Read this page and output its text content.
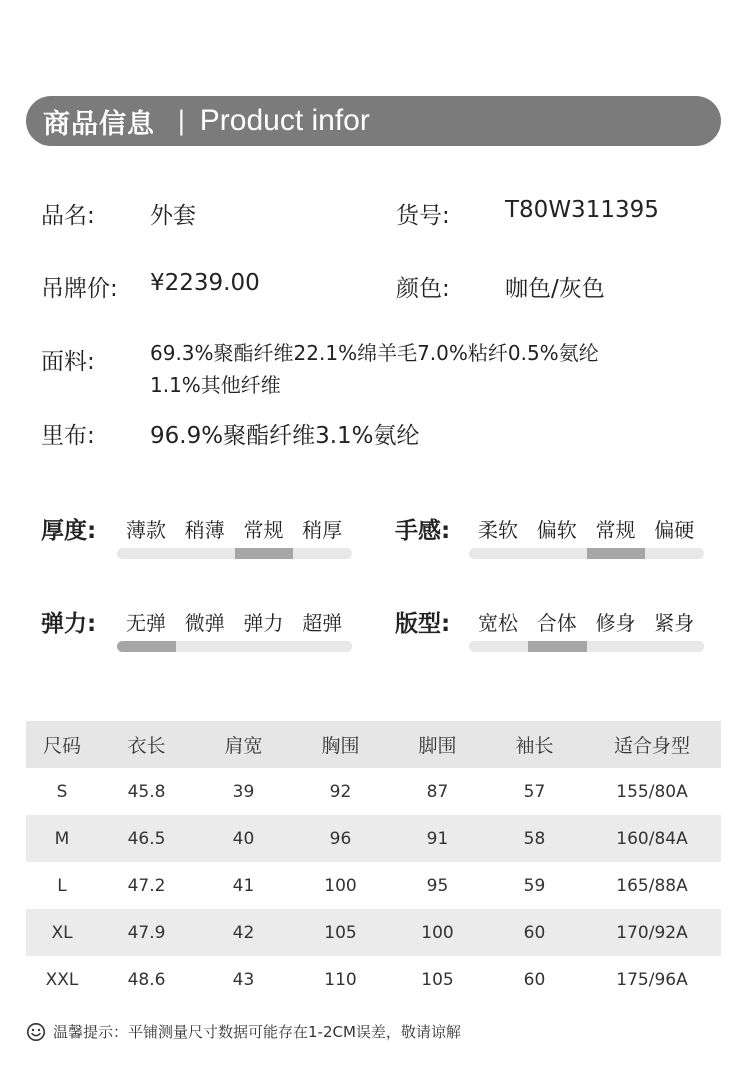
商品信息 | Product infor
品名: 外套	货号: T80W311395
吊牌价: ¥2239.00	颜色: 咖色/灰色
面料:	69.3%聚酯纤维22.1%绵羊毛7.0%粘纤0.5%氨纶
1.1%其他纤维
里布: 96.9%聚酯纤维3.1%氨纶
厚度:	薄款 稍薄 常规 稍厚	手感:	柔软 偏软 常规 偏硬
弹力:	无弹 微弹 弹力 超弹	版型:	宽松 合体 修身 紧身
尺码	衣长	肩宽	胸围	脚围	袖长	适合身型
S	45.8	39	92	87	57	155/80A
M	46.5	40	96	91	58	160/84A
L	47.2	41	100	95	59	165/88A
XL	47.9	42	105	100	60	170/92A
XXL	48.6	43	110	105	60	175/96A
温馨提示：平铺测量尺寸数据可能存在1-2CM误差，敬请谅解
